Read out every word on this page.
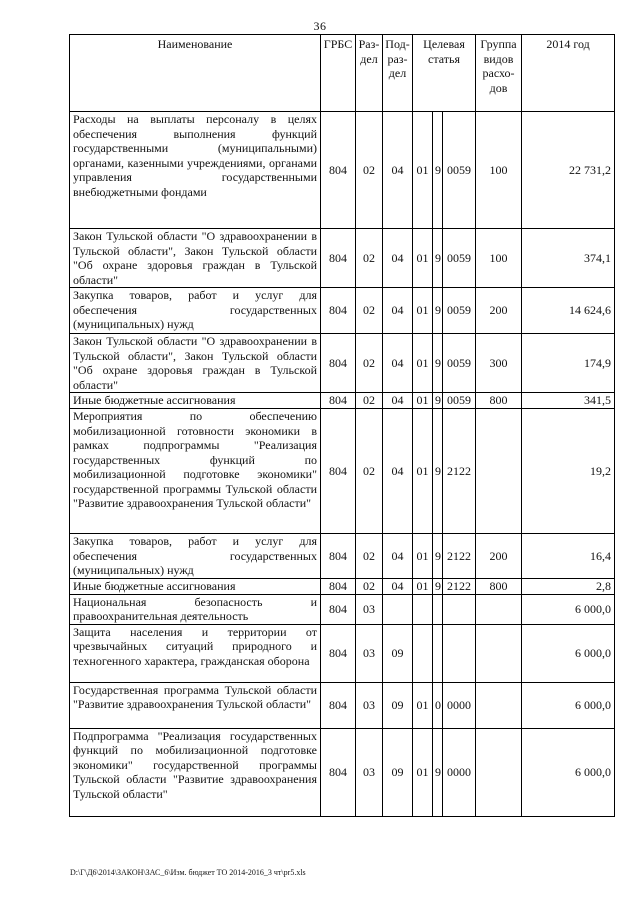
36
Наименование	ГРБС	Раз-дел	Под-раз-дел	Целевая статья			Группа видов расхо-дов	2014 год
Расходы на выплаты персоналу в целях обеспечения выполнения функций государственными (муниципальными) органами, казенными учреждениями, органами управления государственными внебюджетными фондами	804	02	04	01	9	0059	100	22 731,2
Закон Тульской области "О здравоохранении в Тульской области", Закон Тульской области "Об охране здоровья граждан в Тульской области"	804	02	04	01	9	0059	100	374,1
Закупка товаров, работ и услуг для обеспечения государственных (муниципальных) нужд	804	02	04	01	9	0059	200	14 624,6
Закон Тульской области "О здравоохранении в Тульской области", Закон Тульской области "Об охране здоровья граждан в Тульской области"	804	02	04	01	9	0059	300	174,9
Иные бюджетные ассигнования	804	02	04	01	9	0059	800	341,5
Мероприятия по обеспечению мобилизационной готовности экономики в рамках подпрограммы "Реализация государственных функций по мобилизационной подготовке экономики" государственной программы Тульской области "Развитие здравоохранения Тульской области"	804	02	04	01	9	2122		19,2
Закупка товаров, работ и услуг для обеспечения государственных (муниципальных) нужд	804	02	04	01	9	2122	200	16,4
Иные бюджетные ассигнования	804	02	04	01	9	2122	800	2,8
Национальная безопасность и правоохранительная деятельность	804	03						6 000,0
Защита населения и территории от чрезвычайных ситуаций природного и техногенного характера, гражданская оборона	804	03	09					6 000,0
Государственная программа Тульской области "Развитие здравоохранения Тульской области"	804	03	09	01	0	0000		6 000,0
Подпрограмма "Реализация государственных функций по мобилизационной подготовке экономики" государственной программы Тульской области "Развитие здравоохранения Тульской области"	804	03	09	01	9	0000		6 000,0
D:\Г\Д6\2014\ЗАКОН\ЗАС_6\Изм. бюджет ТО 2014-2016_3 чт\pr5.xls
